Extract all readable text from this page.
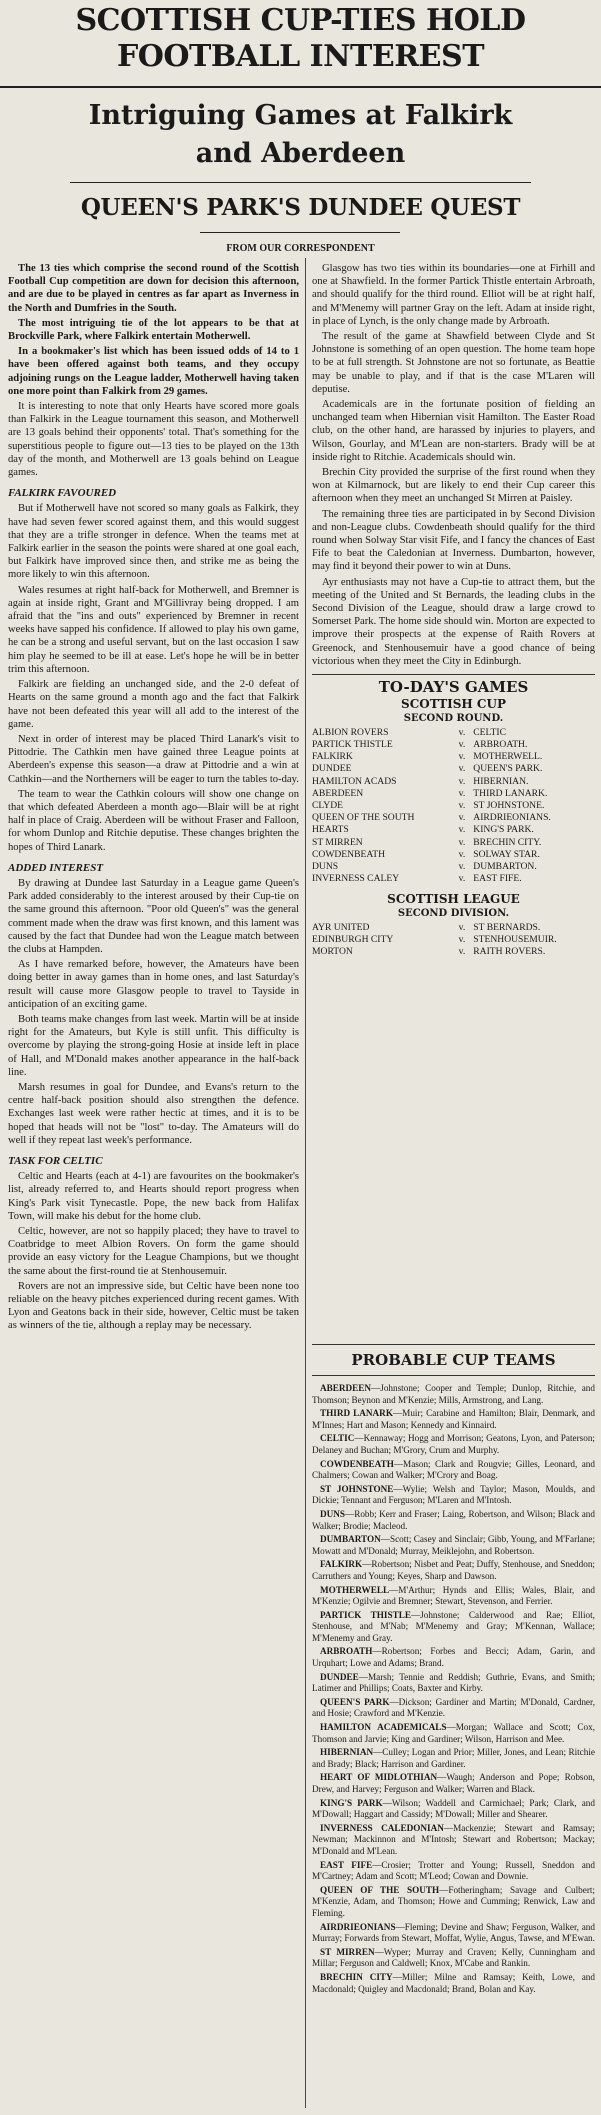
SCOTTISH CUP-TIES HOLD
FOOTBALL INTEREST
Intriguing Games at Falkirk
and Aberdeen
QUEEN'S PARK'S DUNDEE QUEST
FROM OUR CORRESPONDENT

The 13 ties which comprise the second round of the Scottish Football Cup competition are down for decision this afternoon, and are due to be played in centres as far apart as Inverness in the North and Dumfries in the South.

The most intriguing tie of the lot appears to be that at Brockville Park, where Falkirk entertain Motherwell.

In a bookmaker's list which has been issued odds of 14 to 1 have been offered against both teams, and they occupy adjoining rungs on the League ladder, Motherwell having taken one more point than Falkirk from 29 games.

It is interesting to note that only Hearts have scored more goals than Falkirk in the League tournament this season, and Motherwell are 13 goals behind their opponents' total. That's something for the superstitious people to figure out—13 ties to be played on the 13th day of the month, and Motherwell are 13 goals behind on League games.

FALKIRK FAVOURED

But if Motherwell have not scored so many goals as Falkirk, they have had seven fewer scored against them, and this would suggest that they are a trifle stronger in defence. When the teams met at Falkirk earlier in the season the points were shared at one goal each, but Falkirk have improved since then, and strike me as being the more likely to win this afternoon.

Wales resumes at right half-back for Motherwell, and Bremner is again at inside right, Grant and M'Gillivray being dropped. I am afraid that the "ins and outs" experienced by Bremner in recent weeks have sapped his confidence. If allowed to play his own game, he can be a strong and useful servant, but on the last occasion I saw him play he seemed to be ill at ease. Let's hope he will be in better trim this afternoon.

Falkirk are fielding an unchanged side, and the 2-0 defeat of Hearts on the same ground a month ago and the fact that Falkirk have not been defeated this year will all add to the interest of the game.

Next in order of interest may be placed Third Lanark's visit to Pittodrie. The Cathkin men have gained three League points at Aberdeen's expense this season—a draw at Pittodrie and a win at Cathkin—and the Northerners will be eager to turn the tables to-day.

The team to wear the Cathkin colours will show one change on that which defeated Aberdeen a month ago—Blair will be at right half in place of Craig. Aberdeen will be without Fraser and Falloon, for whom Dunlop and Ritchie deputise. These changes brighten the hopes of Third Lanark.

ADDED INTEREST

By drawing at Dundee last Saturday in a League game Queen's Park added considerably to the interest aroused by their Cup-tie on the same ground this afternoon. "Poor old Queen's" was the general comment made when the draw was first known, and this lament was caused by the fact that Dundee had won the League match between the clubs at Hampden.

As I have remarked before, however, the Amateurs have been doing better in away games than in home ones, and last Saturday's result will cause more Glasgow people to travel to Tayside in anticipation of an exciting game.

Both teams make changes from last week. Martin will be at inside right for the Amateurs, but Kyle is still unfit. This difficulty is overcome by playing the strong-going Hosie at inside left in place of Hall, and M'Donald makes another appearance in the half-back line.

Marsh resumes in goal for Dundee, and Evans's return to the centre half-back position should also strengthen the defence. Exchanges last week were rather hectic at times, and it is to be hoped that heads will not be "lost" to-day. The Amateurs will do well if they repeat last week's performance.

TASK FOR CELTIC

Celtic and Hearts (each at 4-1) are favourites on the bookmaker's list, already referred to, and Hearts should report progress when King's Park visit Tynecastle. Pope, the new back from Halifax Town, will make his debut for the home club.

Celtic, however, are not so happily placed; they have to travel to Coatbridge to meet Albion Rovers. On form the game should provide an easy victory for the League Champions, but we thought the same about the first-round tie at Stenhousemuir.

Rovers are not an impressive side, but Celtic have been none too reliable on the heavy pitches experienced during recent games. With Lyon and Geatons back in their side, however, Celtic must be taken as winners of the tie, although a replay may be necessary.

Glasgow has two ties within its boundaries—one at Firhill and one at Shawfield. In the former Partick Thistle entertain Arbroath, and should qualify for the third round. Elliot will be at right half, and M'Menemy will partner Gray on the left. Adam at inside right, in place of Lynch, is the only change made by Arbroath.

The result of the game at Shawfield between Clyde and St Johnstone is something of an open question. The home team hope to be at full strength. St Johnstone are not so fortunate, as Beattie may be unable to play, and if that is the case M'Laren will deputise.

Academicals are in the fortunate position of fielding an unchanged team when Hibernian visit Hamilton. The Easter Road club, on the other hand, are harassed by injuries to players, and Wilson, Gourlay, and M'Lean are non-starters. Brady will be at inside right to Ritchie. Academicals should win.

Brechin City provided the surprise of the first round when they won at Kilmarnock, but are likely to end their Cup career this afternoon when they meet an unchanged St Mirren at Paisley.

The remaining three ties are participated in by Second Division and non-League clubs. Cowdenbeath should qualify for the third round when Solway Star visit Fife, and I fancy the chances of East Fife to beat the Caledonian at Inverness. Dumbarton, however, may find it beyond their power to win at Duns.

Ayr enthusiasts may not have a Cup-tie to attract them, but the meeting of the United and St Bernards, the leading clubs in the Second Division of the League, should draw a large crowd to Somerset Park. The home side should win. Morton are expected to improve their prospects at the expense of Raith Rovers at Greenock, and Stenhousemuir have a good chance of being victorious when they meet the City in Edinburgh.

TO-DAY'S GAMES
SCOTTISH CUP
SECOND ROUND.
ALBION ROVERS	v.	CELTIC
PARTICK THISTLE	v.	ARBROATH.
FALKIRK	v.	MOTHERWELL.
DUNDEE	v.	QUEEN'S PARK.
HAMILTON ACADS	v.	HIBERNIAN.
ABERDEEN	v.	THIRD LANARK.
CLYDE	v.	ST JOHNSTONE.
QUEEN OF THE SOUTH	v.	AIRDRIEONIANS.
HEARTS	v.	KING'S PARK.
ST MIRREN	v.	BRECHIN CITY.
COWDENBEATH	v.	SOLWAY STAR.
DUNS	v.	DUMBARTON.
INVERNESS CALEY	v.	EAST FIFE.
SCOTTISH LEAGUE
SECOND DIVISION.
AYR UNITED	v.	ST BERNARDS.
EDINBURGH CITY	v.	STENHOUSEMUIR.
MORTON	v.	RAITH ROVERS.
PROBABLE CUP TEAMS

ABERDEEN—Johnstone; Cooper and Temple; Dunlop, Ritchie, and Thomson; Beynon and M'Kenzie; Mills, Armstrong, and Lang.

THIRD LANARK—Muir; Carabine and Hamilton; Blair, Denmark, and M'Innes; Hart and Mason; Kennedy and Kinnaird.

CELTIC—Kennaway; Hogg and Morrison; Geatons, Lyon, and Paterson; Delaney and Buchan; M'Grory, Crum and Murphy.

COWDENBEATH—Mason; Clark and Rougvie; Gilles, Leonard, and Chalmers; Cowan and Walker; M'Crory and Boag.

ST JOHNSTONE—Wylie; Welsh and Taylor; Mason, Moulds, and Dickie; Tennant and Ferguson; M'Laren and M'Intosh.

DUNS—Robb; Kerr and Fraser; Laing, Robertson, and Wilson; Black and Walker; Brodie; Macleod.

DUMBARTON—Scott; Casey and Sinclair; Gibb, Young, and M'Farlane; Mowatt and M'Donald; Murray, Meiklejohn, and Robertson.

FALKIRK—Robertson; Nisbet and Peat; Duffy, Stenhouse, and Sneddon; Carruthers and Young; Keyes, Sharp and Dawson.

MOTHERWELL—M'Arthur; Hynds and Ellis; Wales, Blair, and M'Kenzie; Ogilvie and Bremner; Stewart, Stevenson, and Ferrier.

PARTICK THISTLE—Johnstone; Calderwood and Rae; Elliot, Stenhouse, and M'Nab; M'Menemy and Gray; M'Kennan, Wallace; M'Menemy and Gray.

ARBROATH—Robertson; Forbes and Becci; Adam, Garin, and Urquhart; Lowe and Adams; Brand.

DUNDEE—Marsh; Tennie and Reddish; Guthrie, Evans, and Smith; Latimer and Phillips; Coats, Baxter and Kirby.

QUEEN'S PARK—Dickson; Gardiner and Martin; M'Donald, Cardner, and Hosie; Crawford and M'Kenzie.

HAMILTON ACADEMICALS—Morgan; Wallace and Scott; Cox, Thomson and Jarvie; King and Gardiner; Wilson, Harrison and Mee.

HIBERNIAN—Culley; Logan and Prior; Miller, Jones, and Lean; Ritchie and Brady; Black; Harrison and Gardiner.

HEART OF MIDLOTHIAN—Waugh; Anderson and Pope; Robson, Drew, and Harvey; Ferguson and Walker; Warren and Black.

KING'S PARK—Wilson; Waddell and Carmichael; Park; Clark, and M'Dowall; Haggart and Cassidy; M'Dowall; Miller and Shearer.

INVERNESS CALEDONIAN—Mackenzie; Stewart and Ramsay; Newman; Mackinnon and M'Intosh; Stewart and Robertson; Mackay; M'Donald and M'Lean.

EAST FIFE—Crosier; Trotter and Young; Russell, Sneddon and M'Cartney; Adam and Scott; M'Leod; Cowan and Downie.

QUEEN OF THE SOUTH—Fotheringham; Savage and Culbert; M'Kenzie, Adam, and Thomson; Howe and Cumming; Renwick, Law and Fleming.

AIRDRIEONIANS—Fleming; Devine and Shaw; Ferguson, Walker, and Murray; Forwards from Stewart, Moffat, Wylie, Angus, Tawse, and M'Ewan.

ST MIRREN—Wyper; Murray and Craven; Kelly, Cunningham and Millar; Ferguson and Caldwell; Knox, M'Cabe and Rankin.

BRECHIN CITY—Miller; Milne and Ramsay; Keith, Lowe, and Macdonald; Quigley and Macdonald; Brand, Bolan and Kay.
